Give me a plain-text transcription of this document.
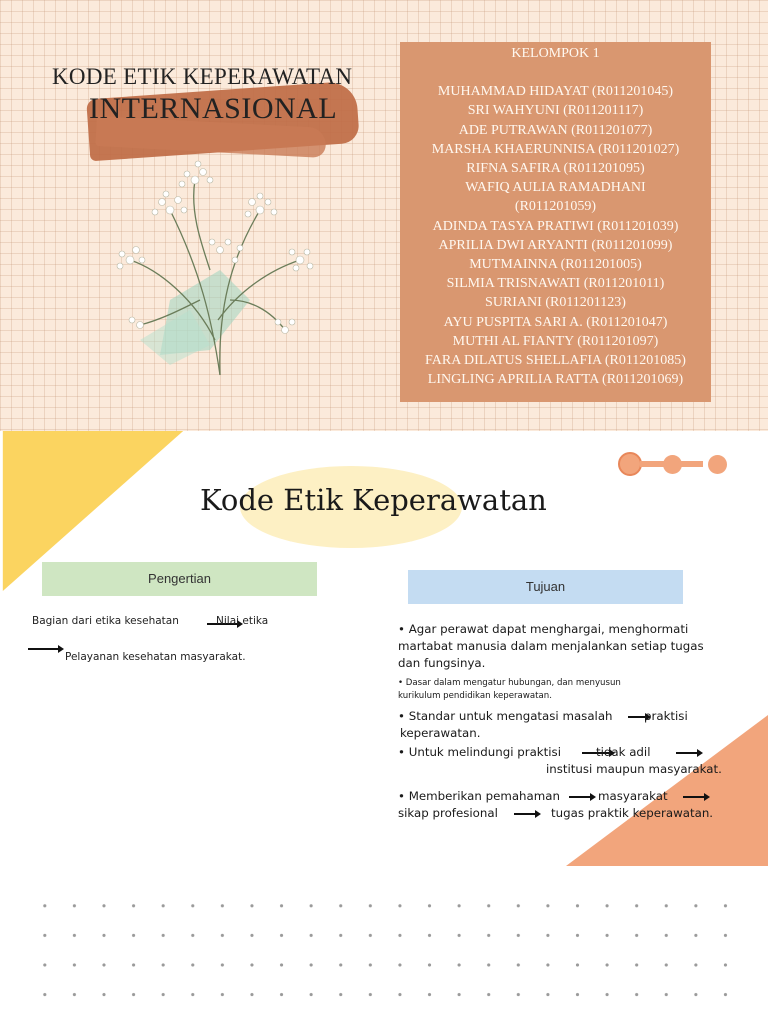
KODE ETIK KEPERAWATAN
INTERNASIONAL
KELOMPOK 1
MUHAMMAD HIDAYAT (R011201045)
SRI WAHYUNI (R011201117)
ADE PUTRAWAN (R011201077)
MARSHA KHAERUNNISA (R011201027)
RIFNA SAFIRA (R011201095)
WAFIQ AULIA RAMADHANI
(R011201059)
ADINDA TASYA PRATIWI (R011201039)
APRILIA DWI ARYANTI (R011201099)
MUTMAINNA (R011201005)
SILMIA TRISNAWATI (R011201011)
SURIANI (R011201123)
AYU PUSPITA SARI A. (R011201047)
MUTHI AL FIANTY (R011201097)
FARA DILATUS SHELLAFIA (R011201085)
LINGLING APRILIA RATTA (R011201069)
Kode Etik Keperawatan
Pengertian
Tujuan
Bagian dari etika kesehatan	Nilai etika
Pelayanan kesehatan masyarakat.
• Agar perawat dapat menghargai, menghormati
martabat manusia dalam menjalankan setiap tugas
dan fungsinya.
• Dasar dalam mengatur hubungan, dan menyusun
kurikulum pendidikan keperawatan.
• Standar untuk mengatasi masalah	praktisi
keperawatan.
• Untuk melindungi praktisi	tidak adil
institusi maupun masyarakat.
• Memberikan pemahaman	masyarakat
sikap profesional	tugas praktik keperawatan.
